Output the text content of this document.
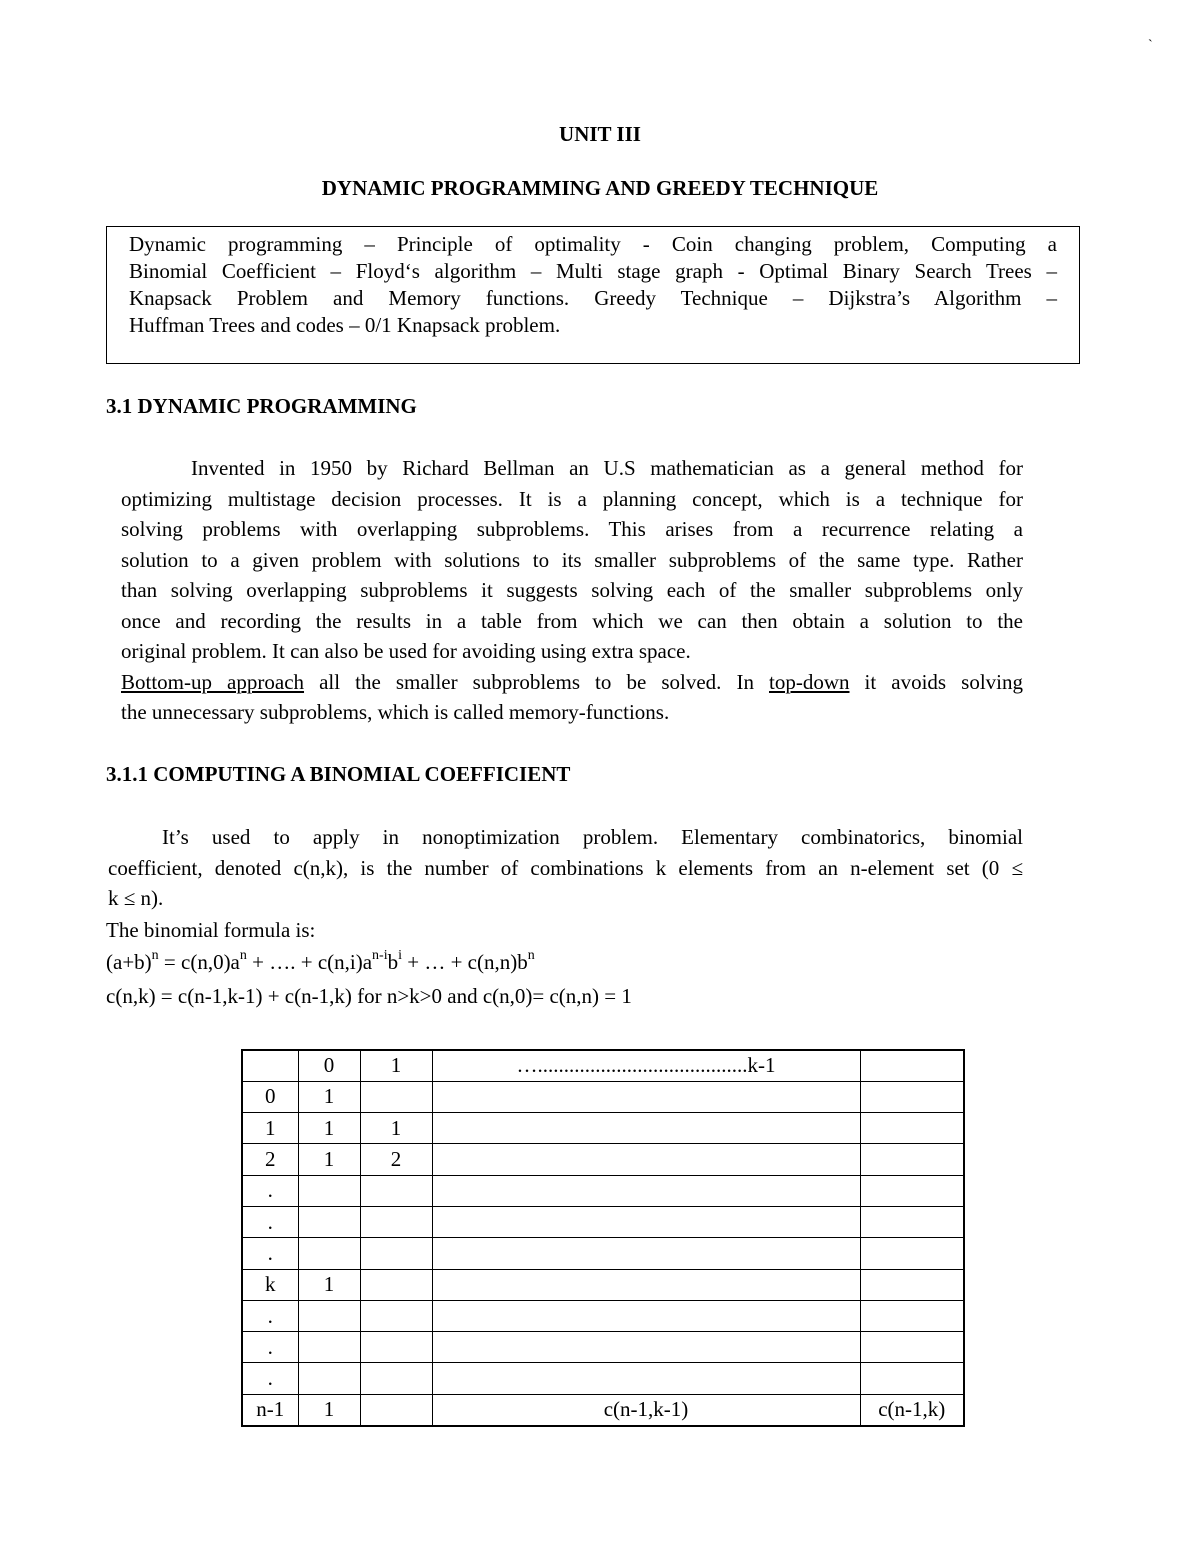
`
UNIT III
DYNAMIC PROGRAMMING AND GREEDY TECHNIQUE
Dynamic programming – Principle of optimality - Coin changing problem, Computing a
Binomial Coefficient – Floyd‘s algorithm – Multi stage graph - Optimal Binary Search Trees –
Knapsack Problem and Memory functions. Greedy Technique – Dijkstra’s Algorithm –
Huffman Trees and codes – 0/1 Knapsack problem.
3.1 DYNAMIC PROGRAMMING
Invented in 1950 by Richard Bellman an U.S mathematician as a general method for
optimizing multistage decision processes. It is a planning concept, which is a technique for
solving problems with overlapping subproblems. This arises from a recurrence relating a
solution to a given problem with solutions to its smaller subproblems of the same type. Rather
than solving overlapping subproblems it suggests solving each of the smaller subproblems only
once and recording the results in a table from which we can then obtain a solution to the
original problem. It can also be used for avoiding using extra space.
Bottom-up approach all the smaller subproblems to be solved. In top-down it avoids solving
the unnecessary subproblems, which is called memory-functions.
3.1.1 COMPUTING A BINOMIAL COEFFICIENT
It’s used to apply in nonoptimization problem. Elementary combinatorics, binomial
coefficient, denoted c(n,k), is the number of combinations k elements from an n-element set (0 ≤
k ≤ n).
The binomial formula is:
$(a+b)^n = c(n,0)a^n$ + …. + $c(n,i)a^{n-i}b^i$ + … + $c(n,n)b^n$
c(n,k) = c(n-1,k-1) + c(n-1,k) for n>k>0 and c(n,0)= c(n,n) = 1
	0	1	…........................................k-1	
0	1			
1	1	1		
2	1	2		
.				
.				
.				
k	1			
.				
.				
.				
n-1	1		c(n-1,k-1)	c(n-1,k)
